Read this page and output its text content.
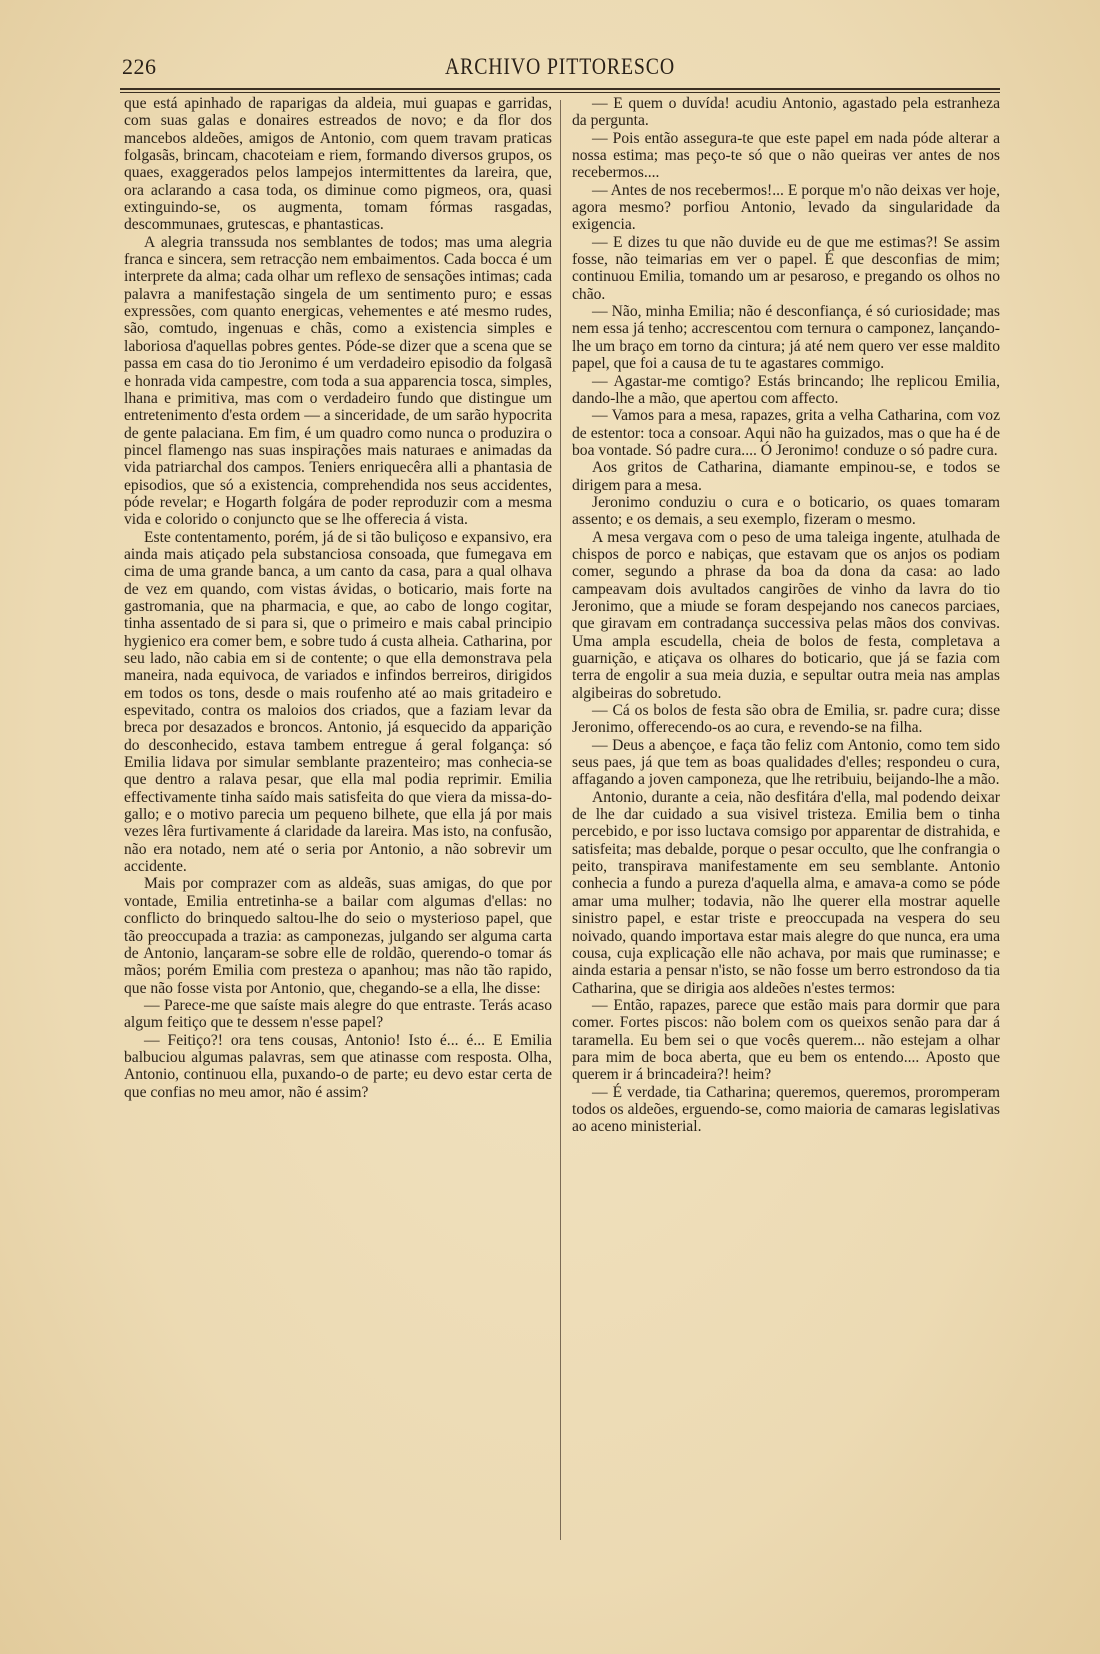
226	ARCHIVO PITTORESCO

que está apinhado de raparigas da aldeia, mui guapas e garridas, com suas galas e donaires estreados de novo; e da flor dos mancebos aldeões, amigos de Antonio, com quem travam praticas folgasãs, brincam, chacoteiam e riem, formando diversos grupos, os quaes, exaggerados pelos lampejos intermittentes da lareira, que, ora aclarando a casa toda, os diminue como pigmeos, ora, quasi extinguindo-se, os augmenta, tomam fórmas rasgadas, descommunaes, grutescas, e phantasticas.

A alegria transsuda nos semblantes de todos; mas uma alegria franca e sincera, sem retracção nem embaimentos. Cada bocca é um interprete da alma; cada olhar um reflexo de sensações intimas; cada palavra a manifestação singela de um sentimento puro; e essas expressões, com quanto energicas, vehementes e até mesmo rudes, são, comtudo, ingenuas e chãs, como a existencia simples e laboriosa d'aquellas pobres gentes. Póde-se dizer que a scena que se passa em casa do tio Jeronimo é um verdadeiro episodio da folgasã e honrada vida campestre, com toda a sua apparencia tosca, simples, lhana e primitiva, mas com o verdadeiro fundo que distingue um entretenimento d'esta ordem — a sinceridade, de um sarão hypocrita de gente palaciana. Em fim, é um quadro como nunca o produzira o pincel flamengo nas suas inspirações mais naturaes e animadas da vida patriarchal dos campos. Teniers enriquecêra alli a phantasia de episodios, que só a existencia, comprehendida nos seus accidentes, póde revelar; e Hogarth folgára de poder reproduzir com a mesma vida e colorido o conjuncto que se lhe offerecia á vista.

Este contentamento, porém, já de si tão buliçoso e expansivo, era ainda mais atiçado pela substanciosa consoada, que fumegava em cima de uma grande banca, a um canto da casa, para a qual olhava de vez em quando, com vistas ávidas, o boticario, mais forte na gastromania, que na pharmacia, e que, ao cabo de longo cogitar, tinha assentado de si para si, que o primeiro e mais cabal principio hygienico era comer bem, e sobre tudo á custa alheia. Catharina, por seu lado, não cabia em si de contente; o que ella demonstrava pela maneira, nada equivoca, de variados e infindos berreiros, dirigidos em todos os tons, desde o mais roufenho até ao mais gritadeiro e espevitado, contra os maloios dos criados, que a faziam levar da breca por desazados e broncos. Antonio, já esquecido da apparição do desconhecido, estava tambem entregue á geral folgança: só Emilia lidava por simular semblante prazenteiro; mas conhecia-se que dentro a ralava pesar, que ella mal podia reprimir. Emilia effectivamente tinha saído mais satisfeita do que viera da missa-do-gallo; e o motivo parecia um pequeno bilhete, que ella já por mais vezes lêra furtivamente á claridade da lareira. Mas isto, na confusão, não era notado, nem até o seria por Antonio, a não sobrevir um accidente.

Mais por comprazer com as aldeãs, suas amigas, do que por vontade, Emilia entretinha-se a bailar com algumas d'ellas: no conflicto do brinquedo saltou-lhe do seio o mysterioso papel, que tão preoccupada a trazia: as camponezas, julgando ser alguma carta de Antonio, lançaram-se sobre elle de roldão, querendo-o tomar ás mãos; porém Emilia com presteza o apanhou; mas não tão rapido, que não fosse vista por Antonio, que, chegando-se a ella, lhe disse:

— Parece-me que saíste mais alegre do que entraste. Terás acaso algum feitiço que te dessem n'esse papel?

— Feitiço?! ora tens cousas, Antonio! Isto é... é... E Emilia balbuciou algumas palavras, sem que atinasse com resposta. Olha, Antonio, continuou ella, puxando-o de parte; eu devo estar certa de que confias no meu amor, não é assim?

— E quem o duvída! acudiu Antonio, agastado pela estranheza da pergunta.

— Pois então assegura-te que este papel em nada póde alterar a nossa estima; mas peço-te só que o não queiras ver antes de nos recebermos....

— Antes de nos recebermos!... E porque m'o não deixas ver hoje, agora mesmo? porfiou Antonio, levado da singularidade da exigencia.

— E dizes tu que não duvide eu de que me estimas?! Se assim fosse, não teimarias em ver o papel. É que desconfias de mim; continuou Emilia, tomando um ar pesaroso, e pregando os olhos no chão.

— Não, minha Emilia; não é desconfiança, é só curiosidade; mas nem essa já tenho; accrescentou com ternura o camponez, lançando-lhe um braço em torno da cintura; já até nem quero ver esse maldito papel, que foi a causa de tu te agastares commigo.

— Agastar-me comtigo? Estás brincando; lhe replicou Emilia, dando-lhe a mão, que apertou com affecto.

— Vamos para a mesa, rapazes, grita a velha Catharina, com voz de estentor: toca a consoar. Aqui não ha guizados, mas o que ha é de boa vontade. Só padre cura.... Ó Jeronimo! conduze o só padre cura.

Aos gritos de Catharina, diamante empinou-se, e todos se dirigem para a mesa.

Jeronimo conduziu o cura e o boticario, os quaes tomaram assento; e os demais, a seu exemplo, fizeram o mesmo.

A mesa vergava com o peso de uma taleiga ingente, atulhada de chispos de porco e nabiças, que estavam que os anjos os podiam comer, segundo a phrase da boa da dona da casa: ao lado campeavam dois avultados cangirões de vinho da lavra do tio Jeronimo, que a miude se foram despejando nos canecos parciaes, que giravam em contradança successiva pelas mãos dos convivas. Uma ampla escudella, cheia de bolos de festa, completava a guarnição, e atiçava os olhares do boticario, que já se fazia com terra de engolir a sua meia duzia, e sepultar outra meia nas amplas algibeiras do sobretudo.

— Cá os bolos de festa são obra de Emilia, sr. padre cura; disse Jeronimo, offerecendo-os ao cura, e revendo-se na filha.

— Deus a abençoe, e faça tão feliz com Antonio, como tem sido seus paes, já que tem as boas qualidades d'elles; respondeu o cura, affagando a joven camponeza, que lhe retribuiu, beijando-lhe a mão.

Antonio, durante a ceia, não desfitára d'ella, mal podendo deixar de lhe dar cuidado a sua visivel tristeza. Emilia bem o tinha percebido, e por isso luctava comsigo por apparentar de distrahida, e satisfeita; mas debalde, porque o pesar occulto, que lhe confrangia o peito, transpirava manifestamente em seu semblante. Antonio conhecia a fundo a pureza d'aquella alma, e amava-a como se póde amar uma mulher; todavia, não lhe querer ella mostrar aquelle sinistro papel, e estar triste e preoccupada na vespera do seu noivado, quando importava estar mais alegre do que nunca, era uma cousa, cuja explicação elle não achava, por mais que ruminasse; e ainda estaria a pensar n'isto, se não fosse um berro estrondoso da tia Catharina, que se dirigia aos aldeões n'estes termos:

— Então, rapazes, parece que estão mais para dormir que para comer. Fortes piscos: não bolem com os queixos senão para dar á taramella. Eu bem sei o que vocês querem... não estejam a olhar para mim de boca aberta, que eu bem os entendo.... Aposto que querem ir á brincadeira?! heim?

— É verdade, tia Catharina; queremos, queremos, proromperam todos os aldeões, erguendo-se, como maioria de camaras legislativas ao aceno ministerial.
